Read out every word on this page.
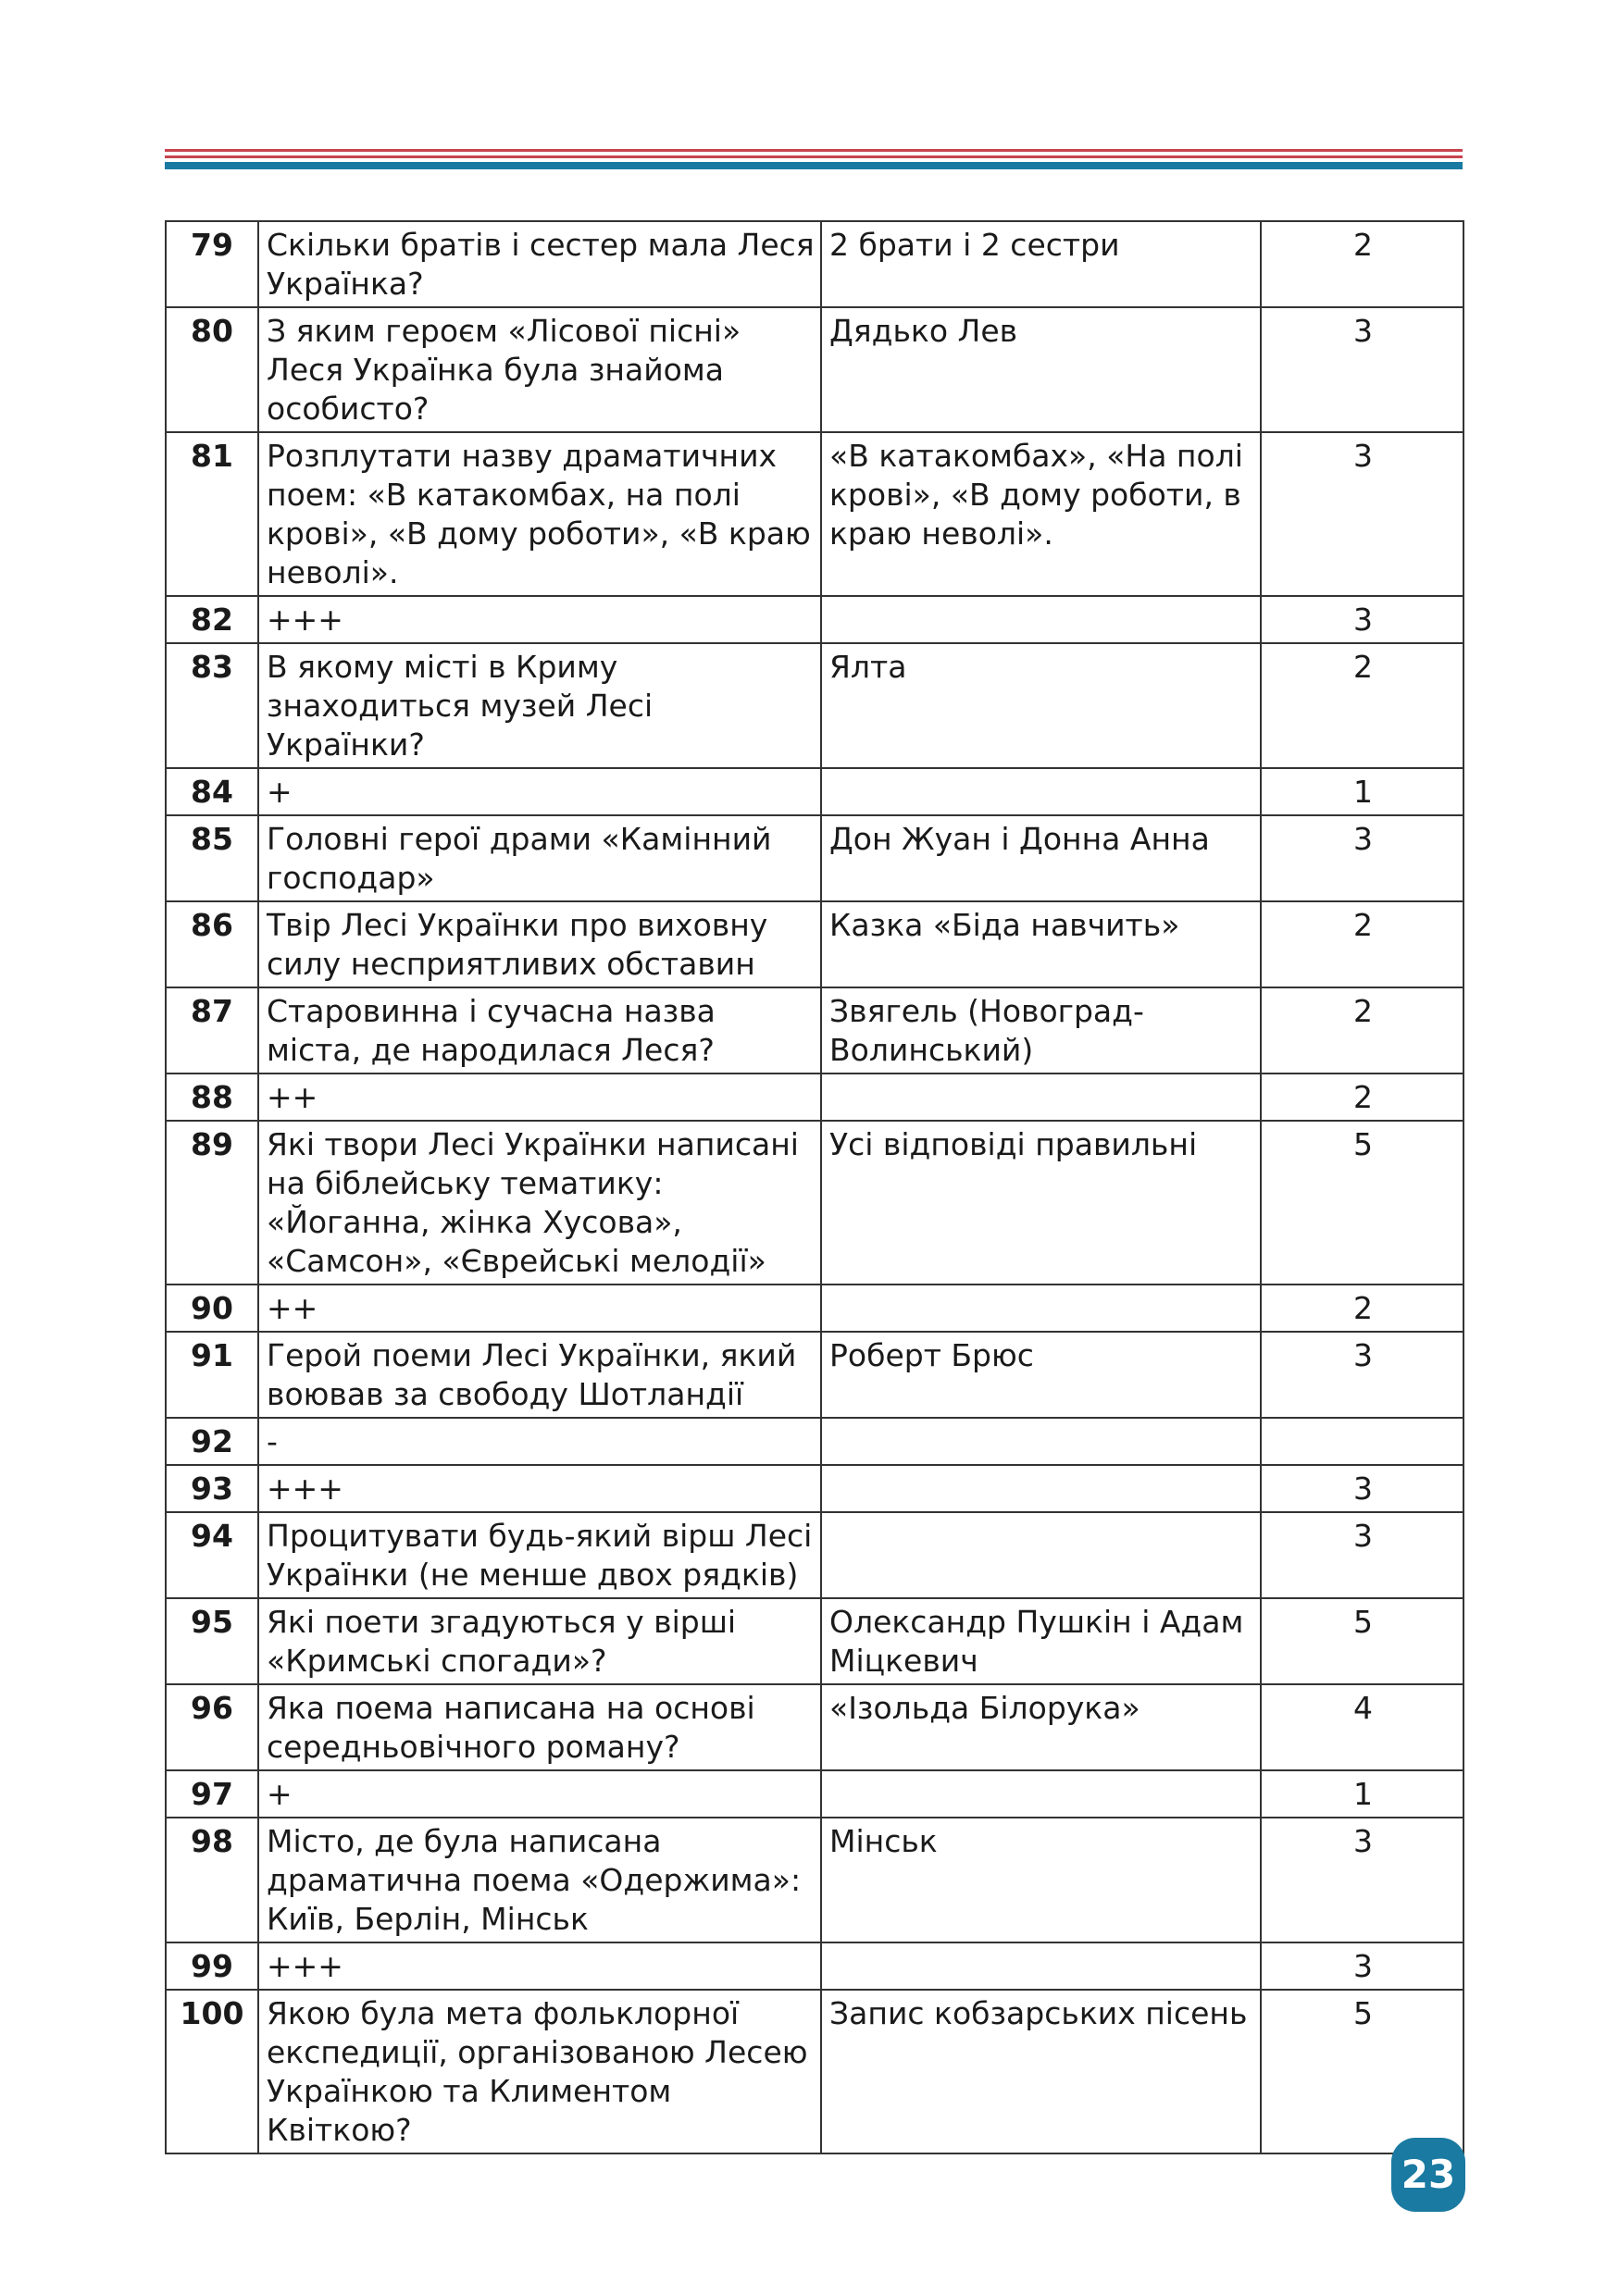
79	Скільки братів і сестер мала Леся Українка?	2 брати і 2 сестри	2
80	З яким героєм «Лісової пісні» Леся Українка була знайома особисто?	Дядько Лев	3
81	Розплутати назву драматичних поем: «В катакомбах, на полі крові», «В дому роботи», «В краю неволі».	«В катакомбах», «На полі крові», «В дому роботи, в краю неволі».	3
82	+++		3
83	В якому місті в Криму знаходиться музей Лесі Українки?	Ялта	2
84	+		1
85	Головні герої драми «Камінний господар»	Дон Жуан і Донна Анна	3
86	Твір Лесі Українки про виховну силу несприятливих обставин	Казка «Біда навчить»	2
87	Старовинна і сучасна назва міста, де народилася Леся?	Звягель (Новоград-Волинський)	2
88	++		2
89	Які твори Лесі Українки написані на біблейську тематику: «Йоганна, жінка Хусова», «Самсон», «Єврейські мелодії»	Усі відповіді правильні	5
90	++		2
91	Герой поеми Лесі Українки, який воював за свободу Шотландії	Роберт Брюс	3
92	-		
93	+++		3
94	Процитувати будь-який вірш Лесі Українки (не менше двох рядків)		3
95	Які поети згадуються у вірші «Кримські спогади»?	Олександр Пушкін і Адам Міцкевич	5
96	Яка поема написана на основі середньовічного роману?	«Ізольда Білорука»	4
97	+		1
98	Місто, де була написана драматична поема «Одержима»: Київ, Берлін, Мінськ	Мінськ	3
99	+++		3
100	Якою була мета фольклорної експедиції, організованою Лесею Українкою та Климентом Квіткою?	Запис кобзарських пісень	5
23
